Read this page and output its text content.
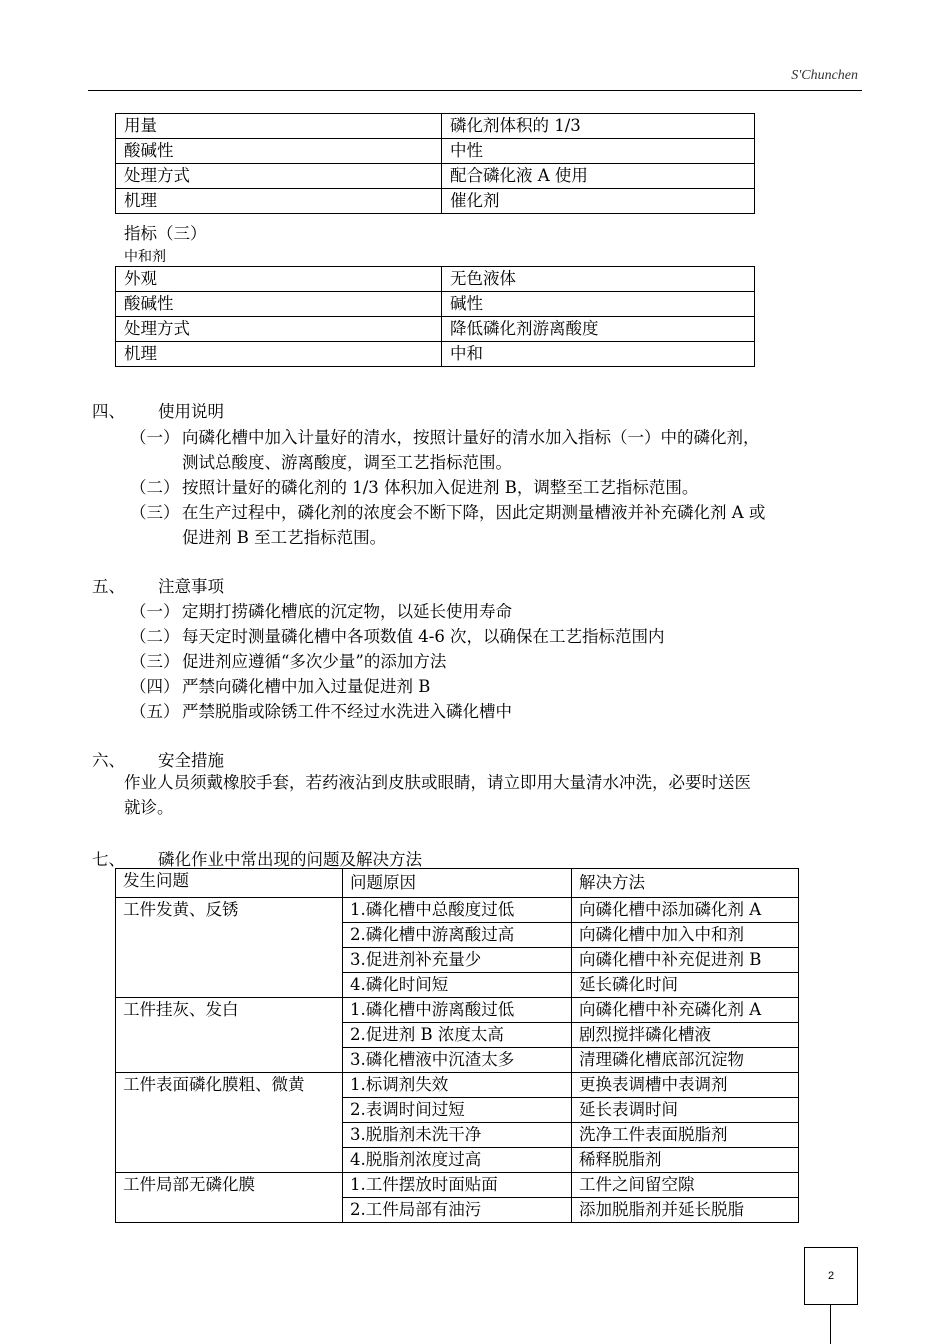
S'Chunchen
用量	磷化剂体积的 1/3
酸碱性	中性
处理方式	配合磷化液 A 使用
机理	催化剂
指标（三）
中和剂
外观	无色液体
酸碱性	碱性
处理方式	降低磷化剂游离酸度
机理	中和
四、 使用说明
（一） 向磷化槽中加入计量好的清水，按照计量好的清水加入指标（一）中的磷化剂，
测试总酸度、游离酸度，调至工艺指标范围。
（二） 按照计量好的磷化剂的 1/3 体积加入促进剂 B，调整至工艺指标范围。
（三） 在生产过程中，磷化剂的浓度会不断下降，因此定期测量槽液并补充磷化剂 A 或
促进剂 B 至工艺指标范围。
五、 注意事项
（一） 定期打捞磷化槽底的沉定物，以延长使用寿命
（二） 每天定时测量磷化槽中各项数值 4-6 次，以确保在工艺指标范围内
（三） 促进剂应遵循“多次少量”的添加方法
（四） 严禁向磷化槽中加入过量促进剂 B
（五） 严禁脱脂或除锈工件不经过水洗进入磷化槽中
六、 安全措施
作业人员须戴橡胶手套，若药液沾到皮肤或眼睛，请立即用大量清水冲洗，必要时送医
就诊。
七、 磷化作业中常出现的问题及解决方法
发生问题	问题原因	解决方法
工件发黄、反锈	1.磷化槽中总酸度过低	向磷化槽中添加磷化剂 A
	2.磷化槽中游离酸过高	向磷化槽中加入中和剂
	3.促进剂补充量少	向磷化槽中补充促进剂 B
	4.磷化时间短	延长磷化时间
工件挂灰、发白	1.磷化槽中游离酸过低	向磷化槽中补充磷化剂 A
	2.促进剂 B 浓度太高	剧烈搅拌磷化槽液
	3.磷化槽液中沉渣太多	清理磷化槽底部沉淀物
工件表面磷化膜粗、微黄	1.标调剂失效	更换表调槽中表调剂
	2.表调时间过短	延长表调时间
	3.脱脂剂未洗干净	洗净工件表面脱脂剂
	4.脱脂剂浓度过高	稀释脱脂剂
工件局部无磷化膜	1.工件摆放时面贴面	工件之间留空隙
	2.工件局部有油污	添加脱脂剂并延长脱脂
2
